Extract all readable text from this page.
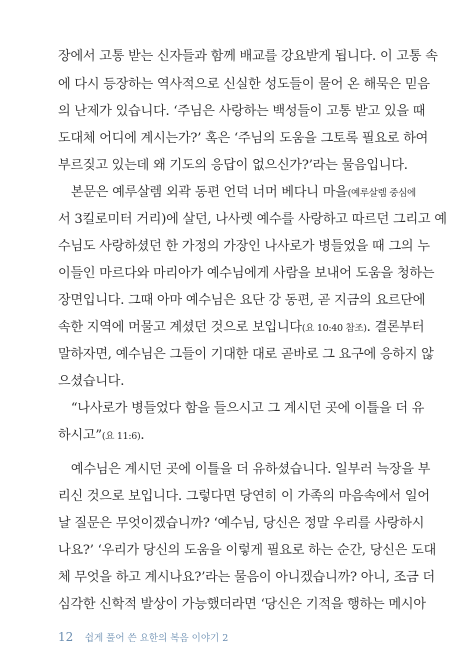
장에서 고통 받는 신자들과 함께 배교를 강요받게 됩니다. 이 고통 속
에 다시 등장하는 역사적으로 신실한 성도들이 물어 온 해묵은 믿음
의 난제가 있습니다. ‘주님은 사랑하는 백성들이 고통 받고 있을 때
도대체 어디에 계시는가?’ 혹은 ‘주님의 도움을 그토록 필요로 하여
부르짖고 있는데 왜 기도의 응답이 없으신가?’라는 물음입니다.
　본문은 예루살렘 외곽 동편 언덕 너머 베다니 마을(예루살렘 중심에
서 3킬로미터 거리)에 살던, 나사렛 예수를 사랑하고 따르던 그리고 예
수님도 사랑하셨던 한 가정의 가장인 나사로가 병들었을 때 그의 누
이들인 마르다와 마리아가 예수님에게 사람을 보내어 도움을 청하는
장면입니다. 그때 아마 예수님은 요단 강 동편, 곧 지금의 요르단에
속한 지역에 머물고 계셨던 것으로 보입니다(요 10:40 참조). 결론부터
말하자면, 예수님은 그들이 기대한 대로 곧바로 그 요구에 응하지 않
으셨습니다.
　“나사로가 병들었다 함을 들으시고 그 계시던 곳에 이틀을 더 유
하시고”(요 11:6).
　예수님은 계시던 곳에 이틀을 더 유하셨습니다. 일부러 늑장을 부
리신 것으로 보입니다. 그렇다면 당연히 이 가족의 마음속에서 일어
날 질문은 무엇이겠습니까? ‘예수님, 당신은 정말 우리를 사랑하시
나요?’ ‘우리가 당신의 도움을 이렇게 필요로 하는 순간, 당신은 도대
체 무엇을 하고 계시나요?’라는 물음이 아니겠습니까? 아니, 조금 더
심각한 신학적 발상이 가능했더라면 ‘당신은 기적을 행하는 메시아
12 쉽게 풀어 쓴 요한의 복음 이야기 2
